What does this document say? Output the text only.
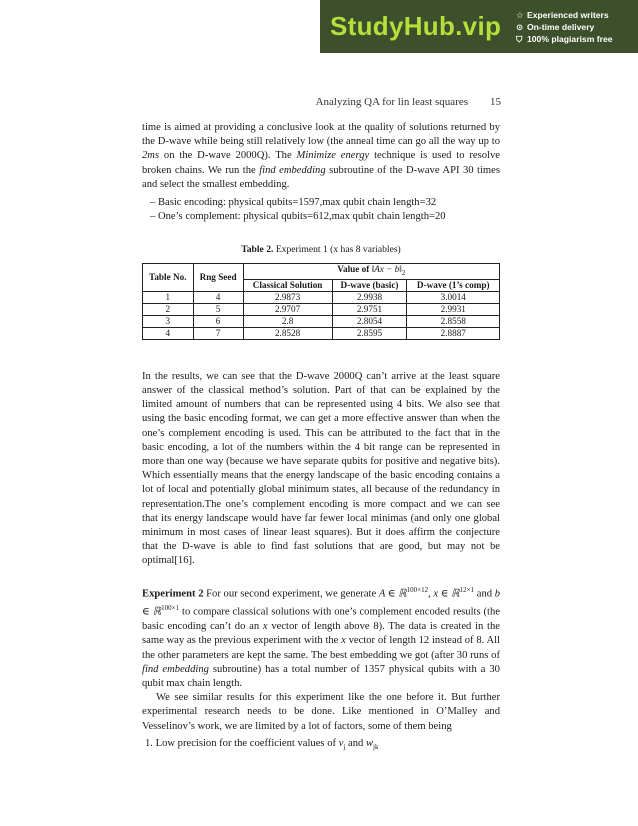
StudyHub.vip	☆ Experienced writers
⊙ On-time delivery
⛉ 100% plagiarism free
Analyzing QA for lin least squares 15

time is aimed at providing a conclusive look at the quality of solutions returned by the D-wave while being still relatively low (the anneal time can go all the way up to 2ms on the D-wave 2000Q). The Minimize energy technique is used to resolve broken chains. We run the find embedding subroutine of the D-wave API 30 times and select the smallest embedding.

– Basic encoding: physical qubits=1597,max qubit chain length=32
– One’s complement: physical qubits=612,max qubit chain length=20
Table 2. Experiment 1 (x has 8 variables)
Table No.	Rng Seed	Value of ‖Ax − $b‖_2$
		Classical Solution	D-wave (basic)	D-wave (1’s comp)
1	4	2.9873	2.9938	3.0014
2	5	2.9707	2.9751	2.9931
3	6	2.8	2.8054	2.8558
4	7	2.8528	2.8595	2.8887

In the results, we can see that the D-wave 2000Q can’t arrive at the least square answer of the classical method’s solution. Part of that can be explained by the limited amount of numbers that can be represented using 4 bits. We also see that using the basic encoding format, we can get a more effective answer than when the one’s complement encoding is used. This can be attributed to the fact that in the basic encoding, a lot of the numbers within the 4 bit range can be represented in more than one way (because we have separate qubits for positive and negative bits). Which essentially means that the energy landscape of the basic encoding contains a lot of local and potentially global minimum states, all because of the redundancy in representation.The one’s complement encoding is more compact and we can see that its energy landscape would have far fewer local minimas (and only one global minimum in most cases of linear least squares). But it does affirm the conjecture that the D-wave is able to find fast solutions that are good, but may not be optimal[16].

Experiment 2 For our second experiment, we generate A ∈ ℝ$^{100\times 12}$, x ∈ ℝ$^{12\times 1}$ and b ∈ ℝ$^{100\times 1}$ to compare classical solutions with one’s complement encoded results (the basic encoding can’t do an x vector of length above 8). The data is created in the same way as the previous experiment with the x vector of length 12 instead of 8. All the other parameters are kept the same. The best embedding we got (after 30 runs of find embedding subroutine) has a total number of 1357 physical qubits with a 30 qubit max chain length.

We see similar results for this experiment like the one before it. But further experimental research needs to be done. Like mentioned in O’Malley and Vesselinov’s work, we are limited by a lot of factors, some of them being

1. Low precision for the coefficient values of $v_j$ and $w_{jk}$
